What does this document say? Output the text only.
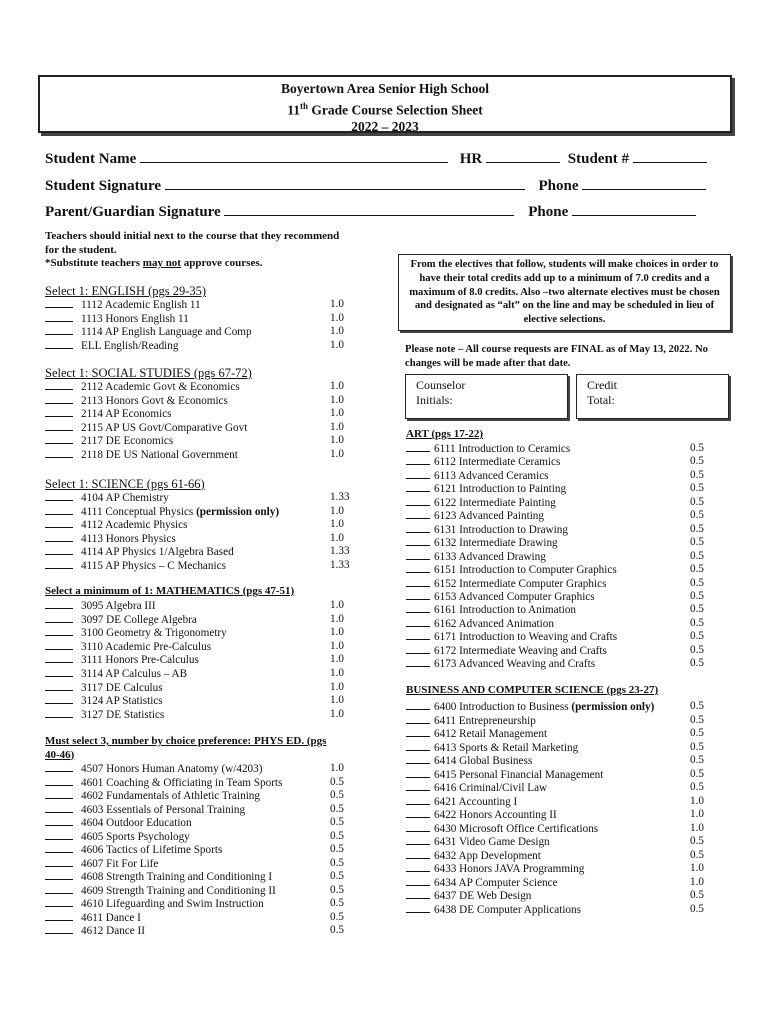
Boyertown Area Senior High School
11th Grade Course Selection Sheet
2022 – 2023
Student Name	HR	Student #
Student Signature	Phone
Parent/Guardian Signature	Phone
Teachers should initial next to the course that they recommend
for the student.
*Substitute teachers may not approve courses.	From the electives that follow, students will make choices in order to have their total credits add up to a minimum of 7.0 credits and a maximum of 8.0 credits. Also –two alternate electives must be chosen and designated as “alt” on the line and may be scheduled in lieu of elective selections.
Please note – All course requests are FINAL as of May 13, 2022. No changes will be made after that date.
Counselor
Initials:
Credit
Total:
Select 1: ENGLISH (pgs 29-35)
1112 Academic English 11	1.0
1113 Honors English 11	1.0
1114 AP English Language and Comp	1.0
ELL English/Reading	1.0
Select 1: SOCIAL STUDIES (pgs 67-72)
2112 Academic Govt & Economics	1.0
2113 Honors Govt & Economics	1.0
2114 AP Economics	1.0
2115 AP US Govt/Comparative Govt	1.0
2117 DE Economics	1.0
2118 DE US National Government	1.0
Select 1: SCIENCE (pgs 61-66)
4104 AP Chemistry	1.33
4111 Conceptual Physics (permission only)	1.0
4112 Academic Physics	1.0
4113 Honors Physics	1.0
4114 AP Physics 1/Algebra Based	1.33
4115 AP Physics – C Mechanics	1.33
Select a minimum of 1: MATHEMATICS (pgs 47-51)
3095 Algebra III	1.0
3097 DE College Algebra	1.0
3100 Geometry & Trigonometry	1.0
3110 Academic Pre-Calculus	1.0
3111 Honors Pre-Calculus	1.0
3114 AP Calculus – AB	1.0
3117 DE Calculus	1.0
3124 AP Statistics	1.0
3127 DE Statistics	1.0
Must select 3, number by choice preference: PHYS ED. (pgs
40-46)
4507 Honors Human Anatomy (w/4203)	1.0
4601 Coaching & Officiating in Team Sports	0.5
4602 Fundamentals of Athletic Training	0.5
4603 Essentials of Personal Training	0.5
4604 Outdoor Education	0.5
4605 Sports Psychology	0.5
4606 Tactics of Lifetime Sports	0.5
4607 Fit For Life	0.5
4608 Strength Training and Conditioning I	0.5
4609 Strength Training and Conditioning II	0.5
4610 Lifeguarding and Swim Instruction	0.5
4611 Dance I	0.5
4612 Dance II	0.5
ART (pgs 17-22)
6111 Introduction to Ceramics	0.5
6112 Intermediate Ceramics	0.5
6113 Advanced Ceramics	0.5
6121 Introduction to Painting	0.5
6122 Intermediate Painting	0.5
6123 Advanced Painting	0.5
6131 Introduction to Drawing	0.5
6132 Intermediate Drawing	0.5
6133 Advanced Drawing	0.5
6151 Introduction to Computer Graphics	0.5
6152 Intermediate Computer Graphics	0.5
6153 Advanced Computer Graphics	0.5
6161 Introduction to Animation	0.5
6162 Advanced Animation	0.5
6171 Introduction to Weaving and Crafts	0.5
6172 Intermediate Weaving and Crafts	0.5
6173 Advanced Weaving and Crafts	0.5
BUSINESS AND COMPUTER SCIENCE (pgs 23-27)
6400 Introduction to Business (permission only)	0.5
6411 Entrepreneurship	0.5
6412 Retail Management	0.5
6413 Sports & Retail Marketing	0.5
6414 Global Business	0.5
6415 Personal Financial Management	0.5
6416 Criminal/Civil Law	0.5
6421 Accounting I	1.0
6422 Honors Accounting II	1.0
6430 Microsoft Office Certifications	1.0
6431 Video Game Design	0.5
6432 App Development	0.5
6433 Honors JAVA Programming	1.0
6434 AP Computer Science	1.0
6437 DE Web Design	0.5
6438 DE Computer Applications	0.5
